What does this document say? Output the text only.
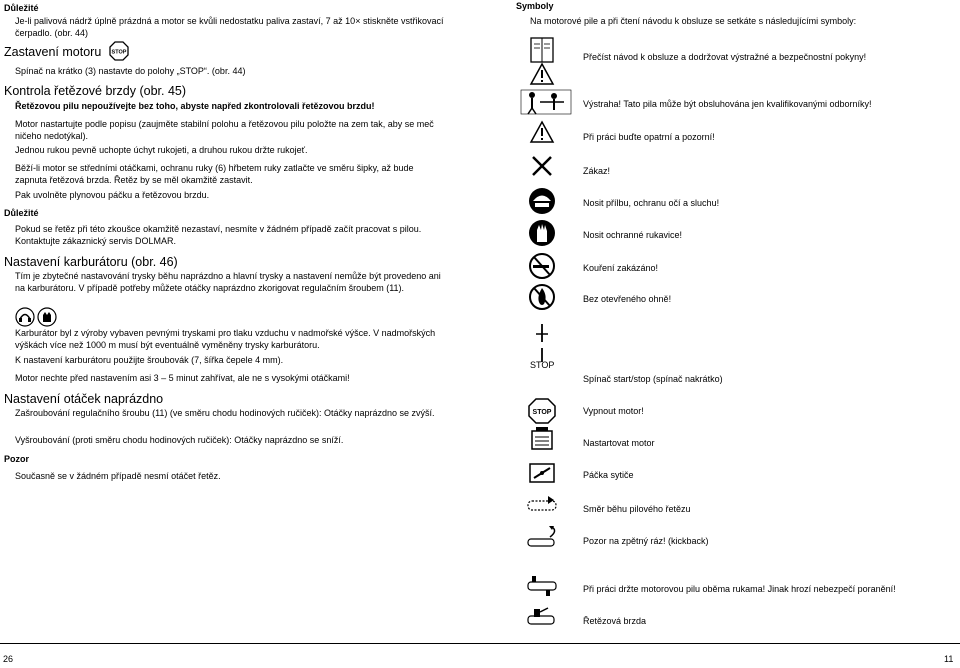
Důležité
Je-li palivová nádrž úplně prázdná a motor se kvůli nedostatku paliva zastaví, 7 až 10× stiskněte vstřikovací čerpadlo. (obr. 44)
Zastavení motoru STOP
Spínač na krátko (3) nastavte do polohy „STOP“. (obr. 44)
Kontrola řetězové brzdy (obr. 45)
Řetězovou pilu nepoužívejte bez toho, abyste napřed zkontrolovali řetězovou brzdu!
Motor nastartujte podle popisu (zaujměte stabilní polohu a řetězovou pilu položte na zem tak, aby se meč ničeho nedotýkal).
Jednou rukou pevně uchopte úchyt rukojeti, a druhou rukou držte rukojeť.
Běží-li motor se středními otáčkami, ochranu ruky (6) hřbetem ruky zatlačte ve směru šipky, až bude zapnuta řetězová brzda. Řetěz by se měl okamžitě zastavit.
Pak uvolněte plynovou páčku a řetězovou brzdu.
Důležité
Pokud se řetěz při této zkoušce okamžitě nezastaví, nesmíte v žádném případě začít pracovat s pilou. Kontaktujte zákaznický servis DOLMAR.
Nastavení karburátoru (obr. 46)
Tím je zbytečné nastavování trysky běhu naprázdno a hlavní trysky a nastavení nemůže být provedeno ani na karburátoru. V případě potřeby můžete otáčky naprázdno zkorigovat regulačním šroubem (11).
Karburátor byl z výroby vybaven pevnými tryskami pro tlaku vzduchu v nadmořské výšce. V nadmořských výškách více než 1000 m musí být eventuálně vyměněny trysky karburátoru.
K nastavení karburátoru použijte šroubovák (7, šířka čepele 4 mm).
Motor nechte před nastavením asi 3 – 5 minut zahřívat, ale ne s vysokými otáčkami!
Nastavení otáček naprázdno
Zašroubování regulačního šroubu (11) (ve směru chodu hodinových ručiček): Otáčky naprázdno se zvýší.
Vyšroubování (proti směru chodu hodinových ručiček): Otáčky naprázdno se sníží.
Pozor
Současně se v žádném případě nesmí otáčet řetěz.
Symboly
Na motorové pile a při čtení návodu k obsluze se setkáte s následujícími symboly:
Přečíst návod k obsluze a dodržovat výstražné a bezpečnostní pokyny!
Výstraha! Tato pila může být obsluhována jen kvalifikovanými odborníky!
Při práci buďte opatrní a pozorní!
Zákaz!
Nosit přílbu, ochranu očí a sluchu!
Nosit ochranné rukavice!
Kouření zakázáno!
Bez otevřeného ohně!
STOP
Spínač start/stop (spínač nakrátko)
STOP	Vypnout motor!
Nastartovat motor
Páčka sytiče
Směr běhu pilového řetězu
Pozor na zpětný ráz! (kickback)
Při práci držte motorovou pilu oběma rukama! Jinak hrozí nebezpečí poranění!
Řetězová brzda
26	11
